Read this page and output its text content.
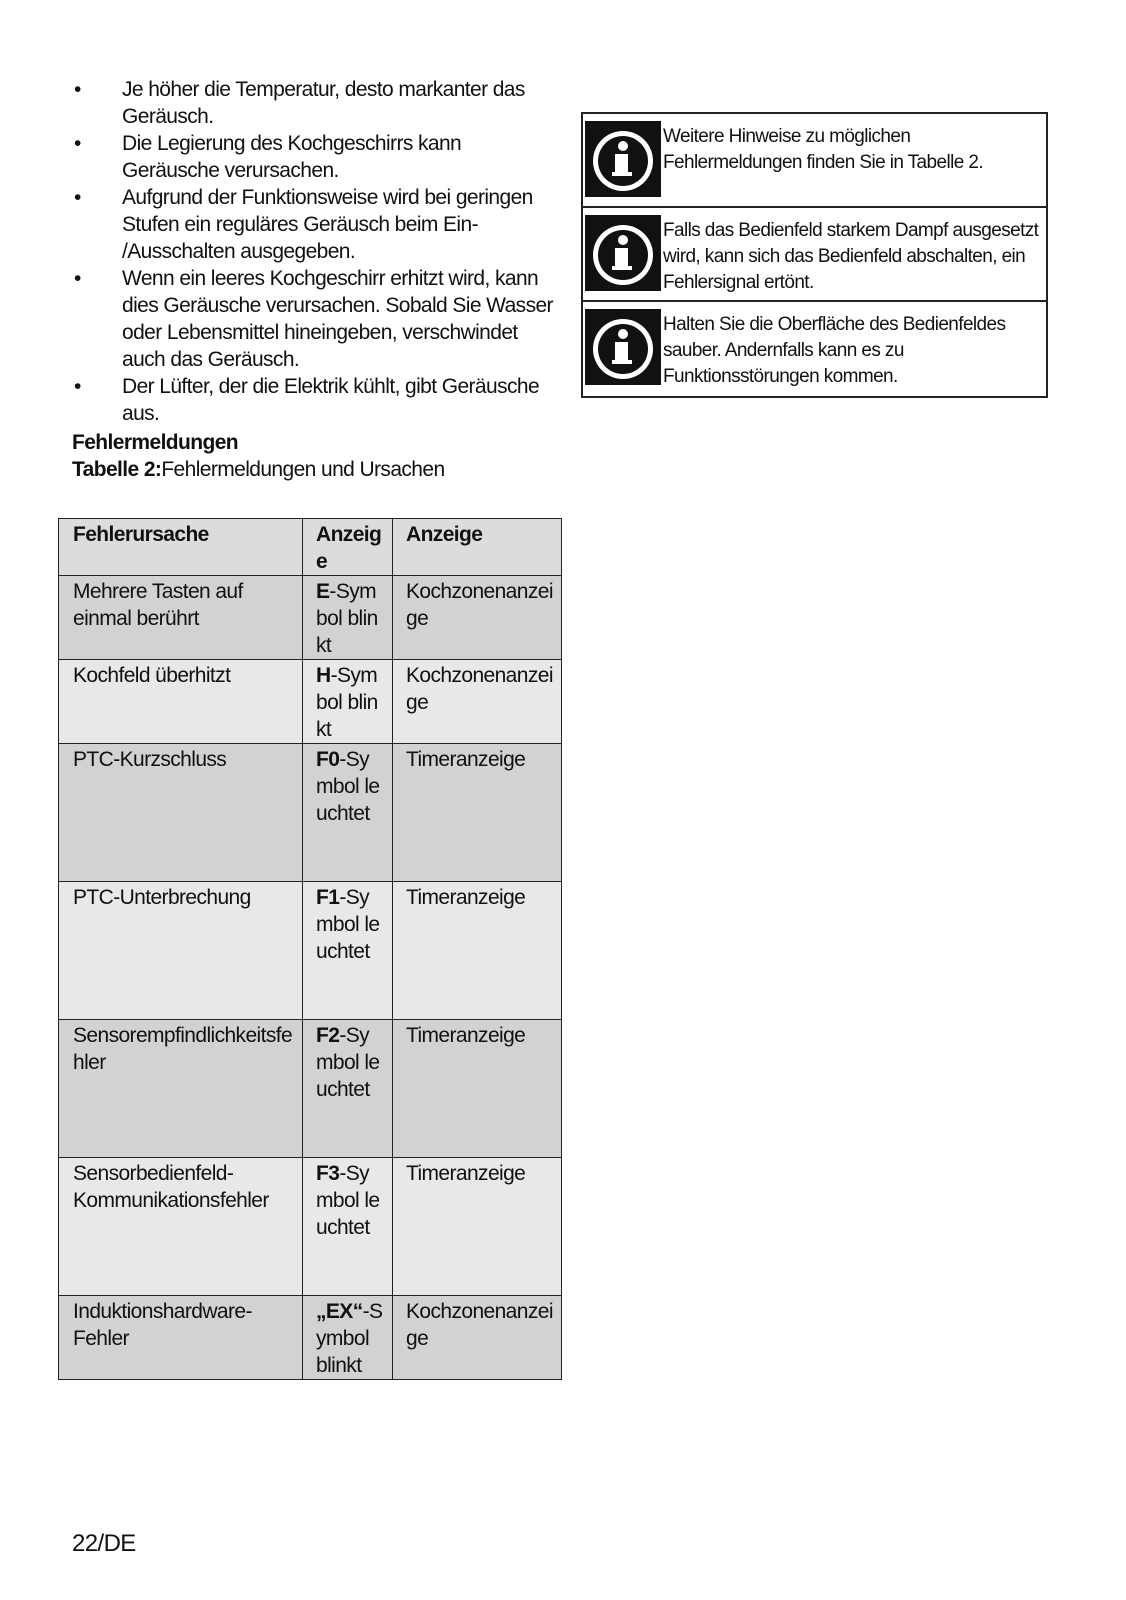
• Je höher die Temperatur, desto markanter das Geräusch.
• Die Legierung des Kochgeschirrs kann Geräusche verursachen.
• Aufgrund der Funktionsweise wird bei geringen Stufen ein reguläres Geräusch beim Ein- /Ausschalten ausgegeben.
• Wenn ein leeres Kochgeschirr erhitzt wird, kann dies Geräusche verursachen. Sobald Sie Wasser oder Lebensmittel hineingeben, verschwindet auch das Geräusch.
• Der Lüfter, der die Elektrik kühlt, gibt Geräusche aus.
Fehlermeldungen
Tabelle 2:Fehlermeldungen und Ursachen
Fehlerursache	Anzeige	Anzeige
Mehrere Tasten auf einmal berührt	E-Symbol blinkt	Kochzonenanzeige
Kochfeld überhitzt	H-Symbol blinkt	Kochzonenanzeige
PTC-Kurzschluss	F0-Symbol leuchtet	Timeranzeige
PTC-Unterbrechung	F1-Symbol leuchtet	Timeranzeige
Sensorempfindlichkeitsfehler	F2-Symbol leuchtet	Timeranzeige
Sensorbedienfeld-Kommunikationsfehler	F3-Symbol leuchtet	Timeranzeige
Induktionshardware-Fehler	„EX“-Symbol blinkt	Kochzonenanzeige
Weitere Hinweise zu möglichen Fehlermeldungen finden Sie in Tabelle 2.
Falls das Bedienfeld starkem Dampf ausgesetzt wird, kann sich das Bedienfeld abschalten, ein Fehlersignal ertönt.
Halten Sie die Oberfläche des Bedienfeldes sauber. Andernfalls kann es zu Funktionsstörungen kommen.
22/DE
